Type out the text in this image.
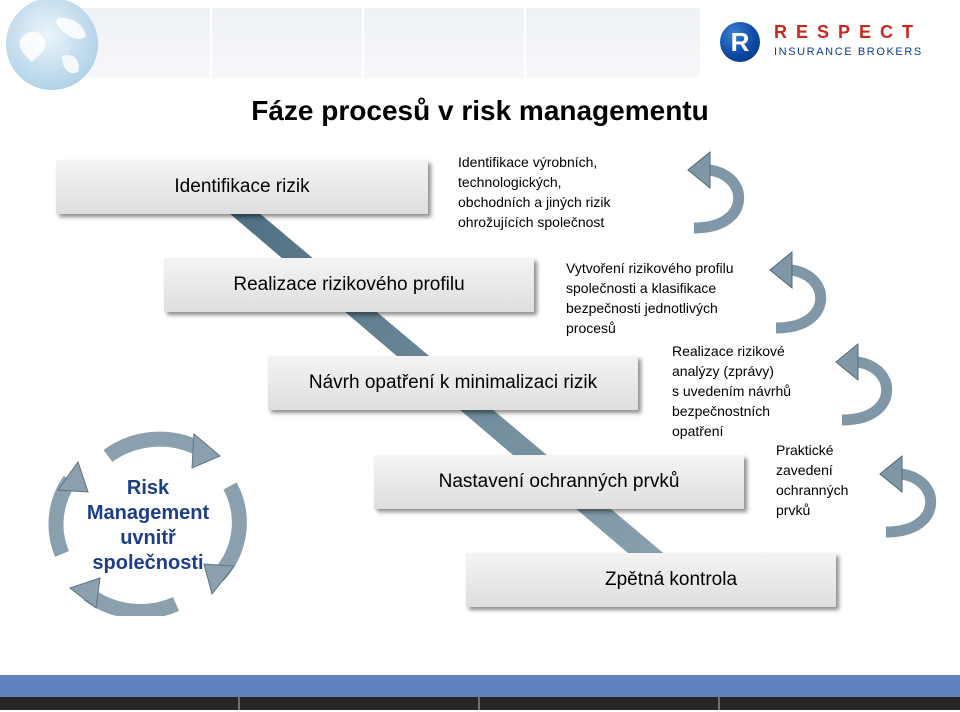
R	RESPECT
INSURANCE BROKERS
Fáze procesů v risk managementu
Identifikace rizik
Realizace rizikového profilu
Návrh opatření k minimalizaci rizik
Nastavení ochranných prvků
Zpětná kontrola
Identifikace výrobních,
technologických,
obchodních a jiných rizik
ohrožujících společnost
Vytvoření rizikového profilu
společnosti a klasifikace
bezpečnosti jednotlivých
procesů
Realizace rizikové
analýzy (zprávy)
s uvedením návrhů
bezpečnostních
opatření
Praktické
zavedení
ochranných
prvků
Risk
Management
uvnitř
společnosti
